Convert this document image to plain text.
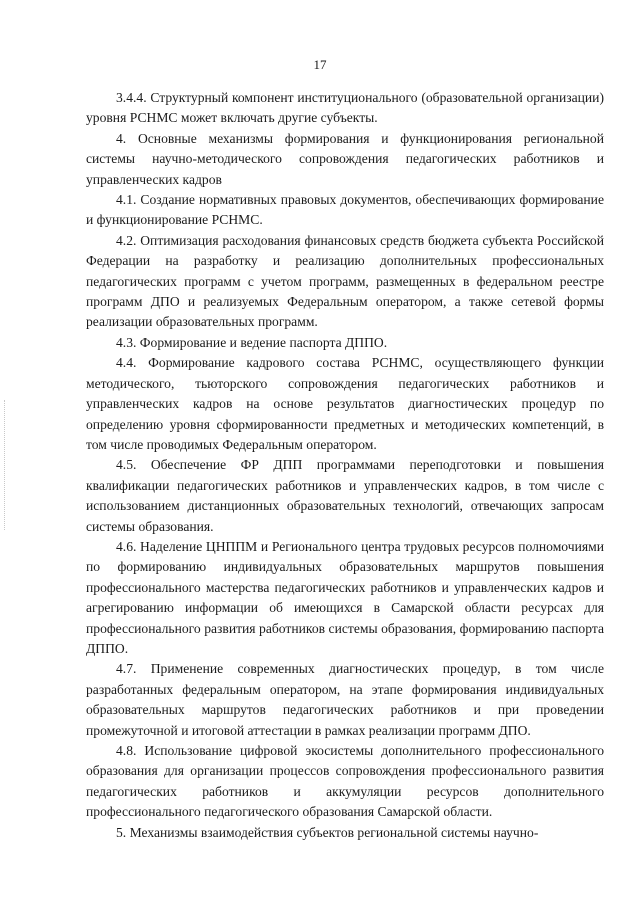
17

3.4.4. Структурный компонент институционального (образовательной организации) уровня РСНМС может включать другие субъекты.

4. Основные механизмы формирования и функционирования региональной системы научно-методического сопровождения педагогических работников и управленческих кадров

4.1. Создание нормативных правовых документов, обеспечивающих формирование и функционирование РСНМС.

4.2. Оптимизация расходования финансовых средств бюджета субъекта Российской Федерации на разработку и реализацию дополнительных профессиональных педагогических программ с учетом программ, размещенных в федеральном реестре программ ДПО и реализуемых Федеральным оператором, а также сетевой формы реализации образовательных программ.

4.3. Формирование и ведение паспорта ДППО.

4.4. Формирование кадрового состава РСНМС, осуществляющего функции методического, тьюторского сопровождения педагогических работников и управленческих кадров на основе результатов диагностических процедур по определению уровня сформированности предметных и методических компетенций, в том числе проводимых Федеральным оператором.

4.5. Обеспечение ФР ДПП программами переподготовки и повышения квалификации педагогических работников и управленческих кадров, в том числе с использованием дистанционных образовательных технологий, отвечающих запросам системы образования.

4.6. Наделение ЦНППМ и Регионального центра трудовых ресурсов полномочиями по формированию индивидуальных образовательных маршрутов повышения профессионального мастерства педагогических работников и управленческих кадров и агрегированию информации об имеющихся в Самарской области ресурсах для профессионального развития работников системы образования, формированию паспорта ДППО.

4.7. Применение современных диагностических процедур, в том числе разработанных федеральным оператором, на этапе формирования индивидуальных образовательных маршрутов педагогических работников и при проведении промежуточной и итоговой аттестации в рамках реализации программ ДПО.

4.8. Использование цифровой экосистемы дополнительного профессионального образования для организации процессов сопровождения профессионального развития педагогических работников и аккумуляции ресурсов дополнительного профессионального педагогического образования Самарской области.

5. Механизмы взаимодействия субъектов региональной системы научно-
